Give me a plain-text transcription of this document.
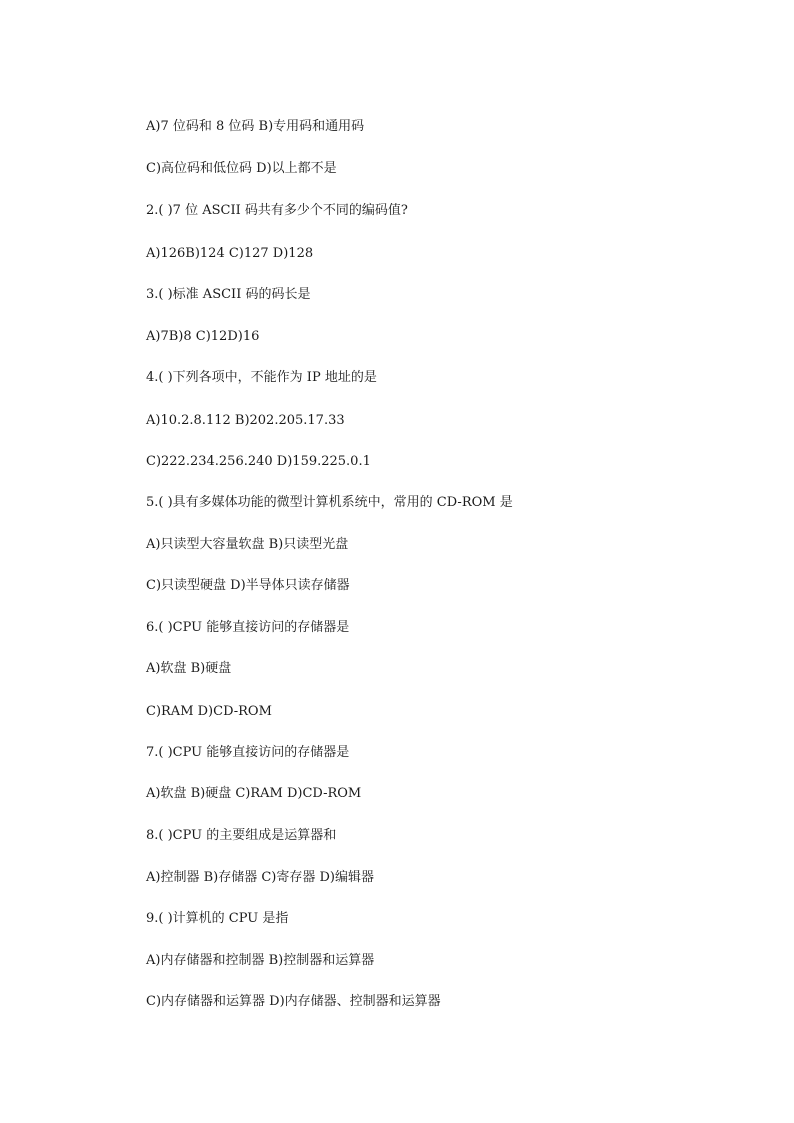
A)7 位码和 8 位码 B)专用码和通用码
C)高位码和低位码 D)以上都不是
2.( )7 位 ASCII 码共有多少个不同的编码值?
A)126B)124 C)127 D)128
3.( )标准 ASCII 码的码长是
A)7B)8 C)12D)16
4.( )下列各项中，不能作为 IP 地址的是
A)10.2.8.112 B)202.205.17.33
C)222.234.256.240 D)159.225.0.1
5.( )具有多媒体功能的微型计算机系统中，常用的 CD-ROM 是
A)只读型大容量软盘 B)只读型光盘
C)只读型硬盘 D)半导体只读存储器
6.( )CPU 能够直接访问的存储器是
A)软盘 B)硬盘
C)RAM D)CD-ROM
7.( )CPU 能够直接访问的存储器是
A)软盘 B)硬盘 C)RAM D)CD-ROM
8.( )CPU 的主要组成是运算器和
A)控制器 B)存储器 C)寄存器 D)编辑器
9.( )计算机的 CPU 是指
A)内存储器和控制器 B)控制器和运算器
C)内存储器和运算器 D)内存储器、控制器和运算器
